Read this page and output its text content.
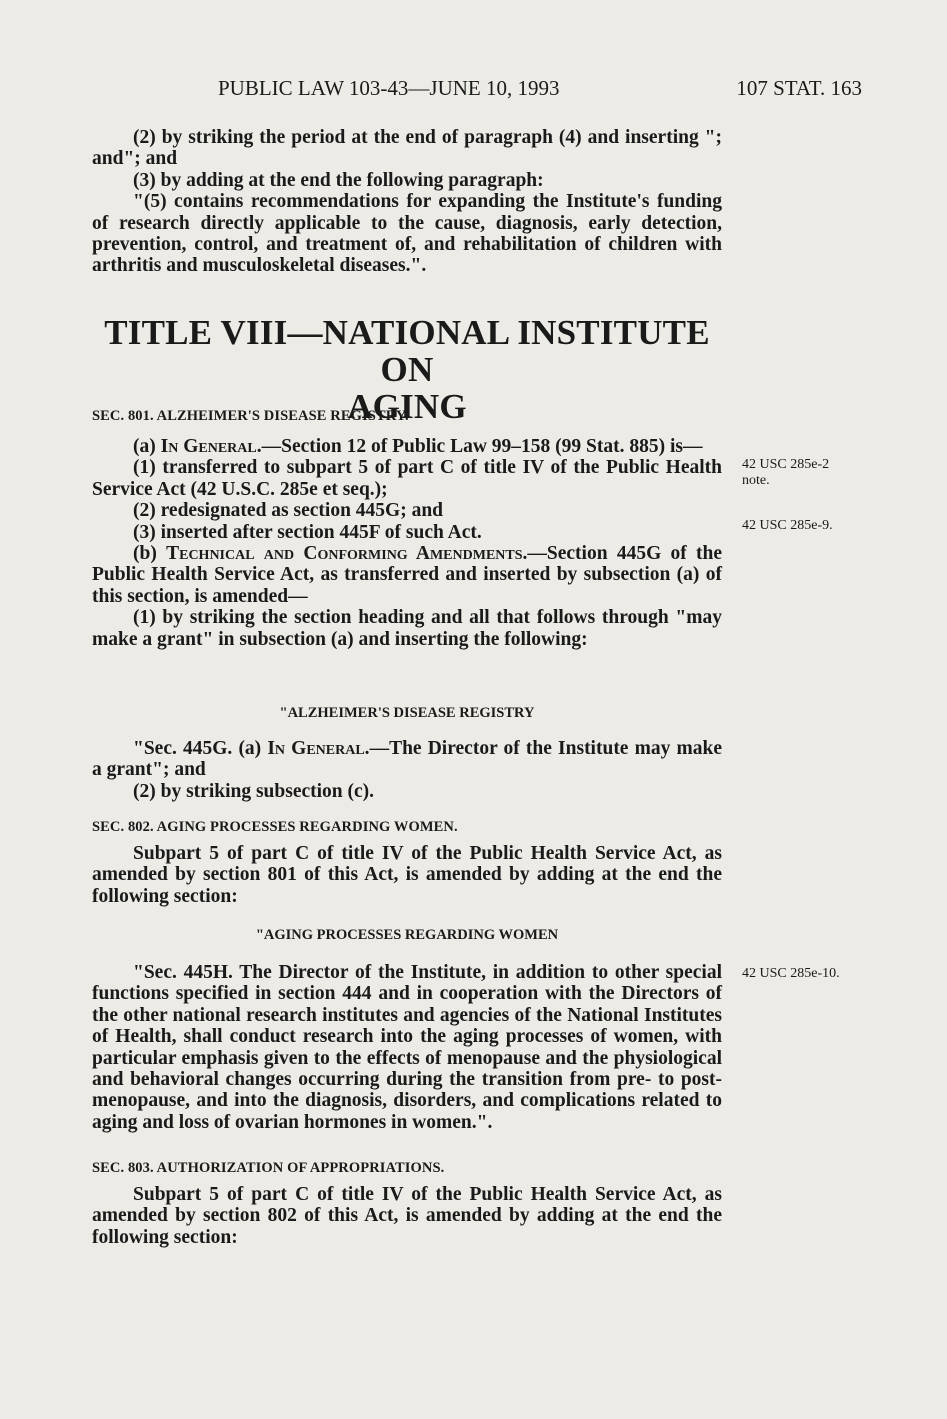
PUBLIC LAW 103-43—JUNE 10, 1993	107 STAT. 163

(2) by striking the period at the end of paragraph (4) and inserting "; and"; and

(3) by adding at the end the following paragraph:

"(5) contains recommendations for expanding the Institute's funding of research directly applicable to the cause, diagnosis, early detection, prevention, control, and treatment of, and rehabilitation of children with arthritis and musculoskeletal diseases.".

TITLE VIII—NATIONAL INSTITUTE ON
AGING
SEC. 801. ALZHEIMER'S DISEASE REGISTRY.

(a) In General.—Section 12 of Public Law 99–158 (99 Stat. 885) is—

(1) transferred to subpart 5 of part C of title IV of the Public Health Service Act (42 U.S.C. 285e et seq.);

(2) redesignated as section 445G; and

(3) inserted after section 445F of such Act.

(b) Technical and Conforming Amendments.—Section 445G of the Public Health Service Act, as transferred and inserted by subsection (a) of this section, is amended—

(1) by striking the section heading and all that follows through "may make a grant" in subsection (a) and inserting the following:

"ALZHEIMER'S DISEASE REGISTRY

"Sec. 445G. (a) In General.—The Director of the Institute may make a grant"; and

(2) by striking subsection (c).

SEC. 802. AGING PROCESSES REGARDING WOMEN.

Subpart 5 of part C of title IV of the Public Health Service Act, as amended by section 801 of this Act, is amended by adding at the end the following section:

"AGING PROCESSES REGARDING WOMEN

"Sec. 445H. The Director of the Institute, in addition to other special functions specified in section 444 and in cooperation with the Directors of the other national research institutes and agencies of the National Institutes of Health, shall conduct research into the aging processes of women, with particular emphasis given to the effects of menopause and the physiological and behavioral changes occurring during the transition from pre- to post-menopause, and into the diagnosis, disorders, and complications related to aging and loss of ovarian hormones in women.".

SEC. 803. AUTHORIZATION OF APPROPRIATIONS.

Subpart 5 of part C of title IV of the Public Health Service Act, as amended by section 802 of this Act, is amended by adding at the end the following section:

42 USC 285e-2
note.
42 USC 285e-9.
42 USC 285e-10.
